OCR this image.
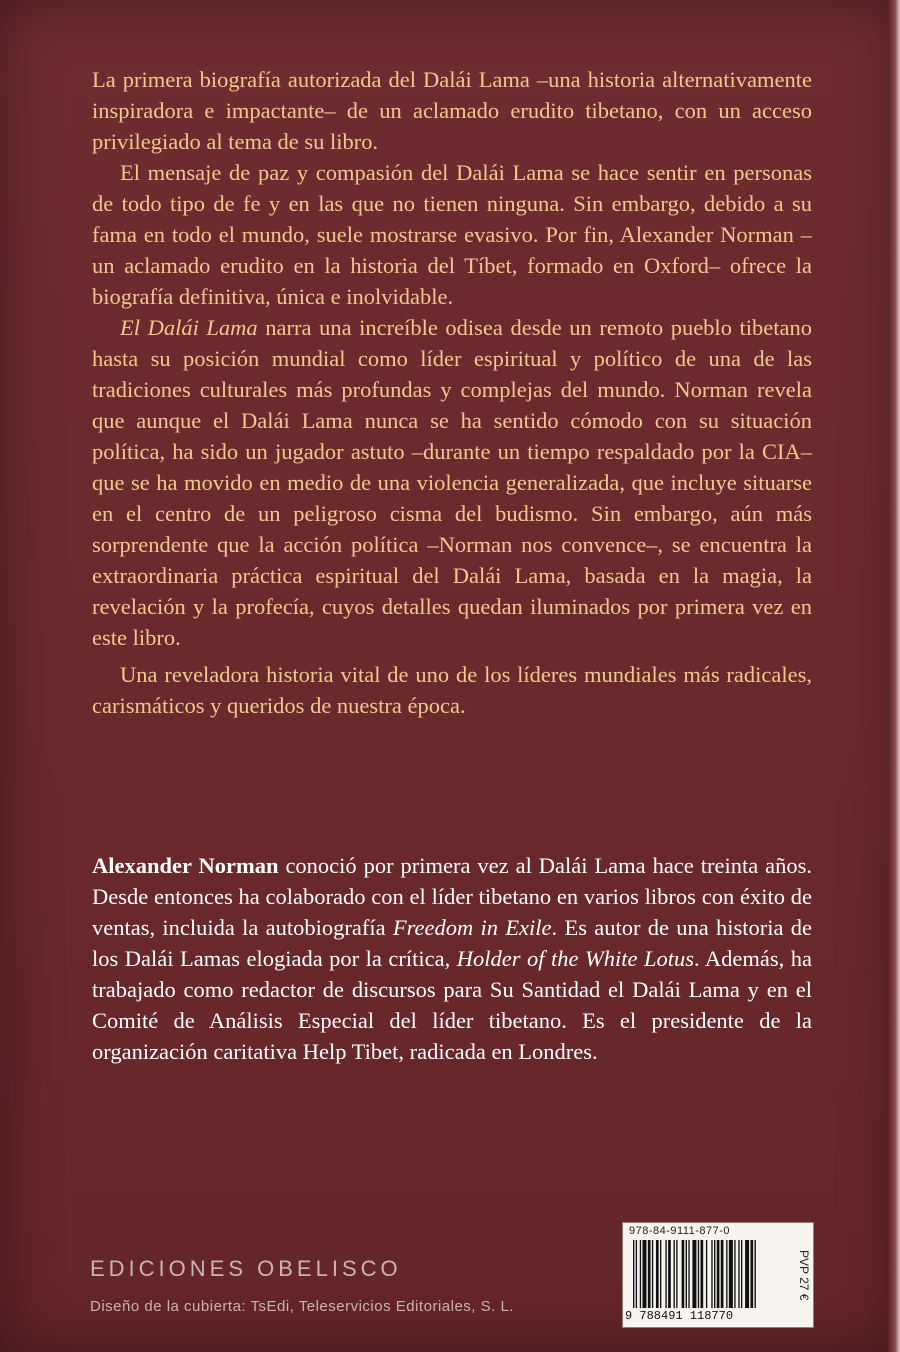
La primera biografía autorizada del Dalái Lama –una historia alternativamente inspiradora e impactante– de un aclamado erudito tibetano, con un acceso privilegiado al tema de su libro.

El mensaje de paz y compasión del Dalái Lama se hace sentir en personas de todo tipo de fe y en las que no tienen ninguna. Sin embargo, debido a su fama en todo el mundo, suele mostrarse evasivo. Por fin, Alexander Norman –un aclamado erudito en la historia del Tíbet, formado en Oxford– ofrece la biografía definitiva, única e inolvidable.

El Dalái Lama narra una increíble odisea desde un remoto pueblo tibetano hasta su posición mundial como líder espiritual y político de una de las tradiciones culturales más profundas y complejas del mundo. Norman revela que aunque el Dalái Lama nunca se ha sentido cómodo con su situación política, ha sido un jugador astuto –durante un tiempo respaldado por la CIA– que se ha movido en medio de una violencia generalizada, que incluye situarse en el centro de un peligroso cisma del budismo. Sin embargo, aún más sorprendente que la acción política –Norman nos convence–, se encuentra la extraordinaria práctica espiritual del Dalái Lama, basada en la magia, la revelación y la profecía, cuyos detalles quedan iluminados por primera vez en este libro.

Una reveladora historia vital de uno de los líderes mundiales más radicales, carismáticos y queridos de nuestra época.

Alexander Norman conoció por primera vez al Dalái Lama hace treinta años. Desde entonces ha colaborado con el líder tibetano en varios libros con éxito de ventas, incluida la autobiografía Freedom in Exile. Es autor de una historia de los Dalái Lamas elogiada por la crítica, Holder of the White Lotus. Además, ha trabajado como redactor de discursos para Su Santidad el Dalái Lama y en el Comité de Análisis Especial del líder tibetano. Es el presidente de la organización caritativa Help Tibet, radicada en Londres.

EDICIONES OBELISCO
Diseño de la cubierta: TsEdi, Teleservicios Editoriales, S. L.
978-84-9111-877-0
9 788491 118770
PVP 27 €
